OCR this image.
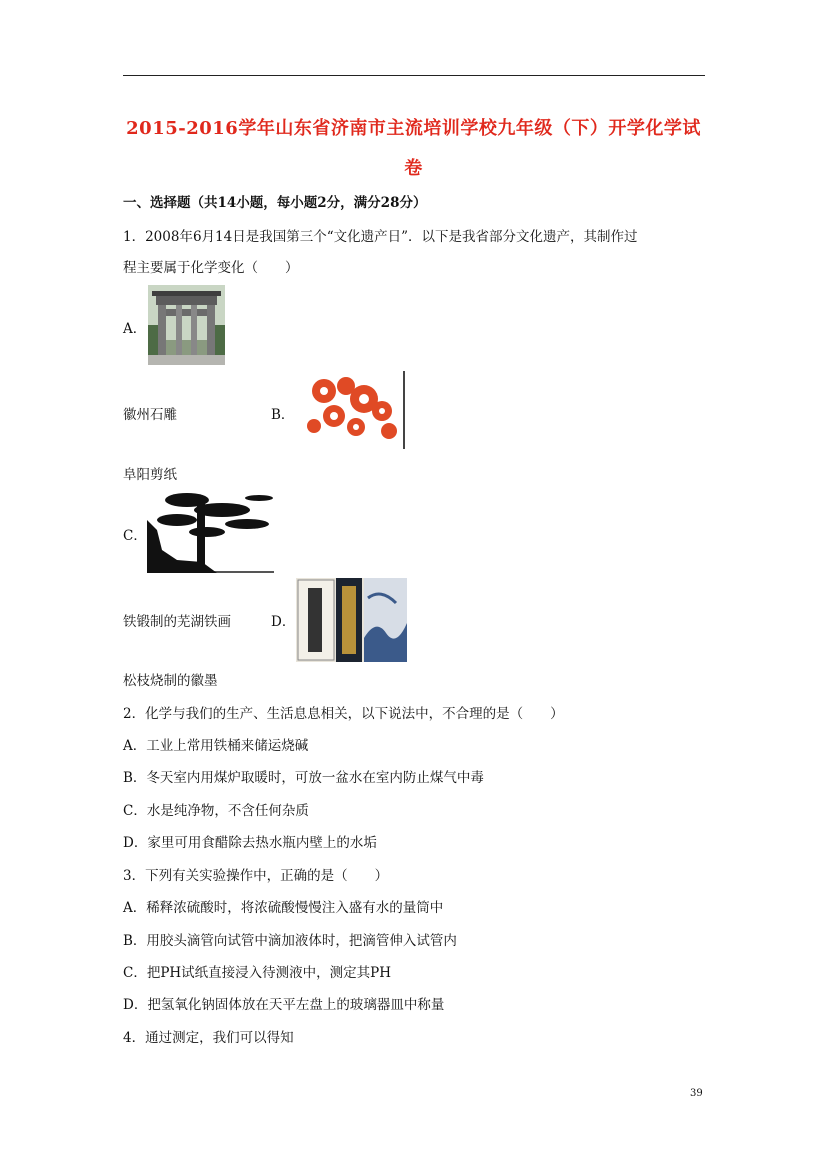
2015-2016学年山东省济南市主流培训学校九年级（下）开学化学试
卷
一、选择题（共14小题，每小题2分，满分28分）
1．2008年6月14日是我国第三个“文化遗产日”．以下是我省部分文化遗产，其制作过
程主要属于化学变化（　　）
A．
徽州石雕	B．
阜阳剪纸
C．
铁锻制的芜湖铁画	D．
松枝烧制的徽墨
2．化学与我们的生产、生活息息相关，以下说法中，不合理的是（　　）
A．工业上常用铁桶来储运烧碱
B．冬天室内用煤炉取暖时，可放一盆水在室内防止煤气中毒
C．水是纯净物，不含任何杂质
D．家里可用食醋除去热水瓶内壁上的水垢
3．下列有关实验操作中，正确的是（　　）
A．稀释浓硫酸时，将浓硫酸慢慢注入盛有水的量筒中
B．用胶头滴管向试管中滴加液体时，把滴管伸入试管内
C．把PH试纸直接浸入待测液中，测定其PH
D．把氢氧化钠固体放在天平左盘上的玻璃器皿中称量
4．通过测定，我们可以得知
39
